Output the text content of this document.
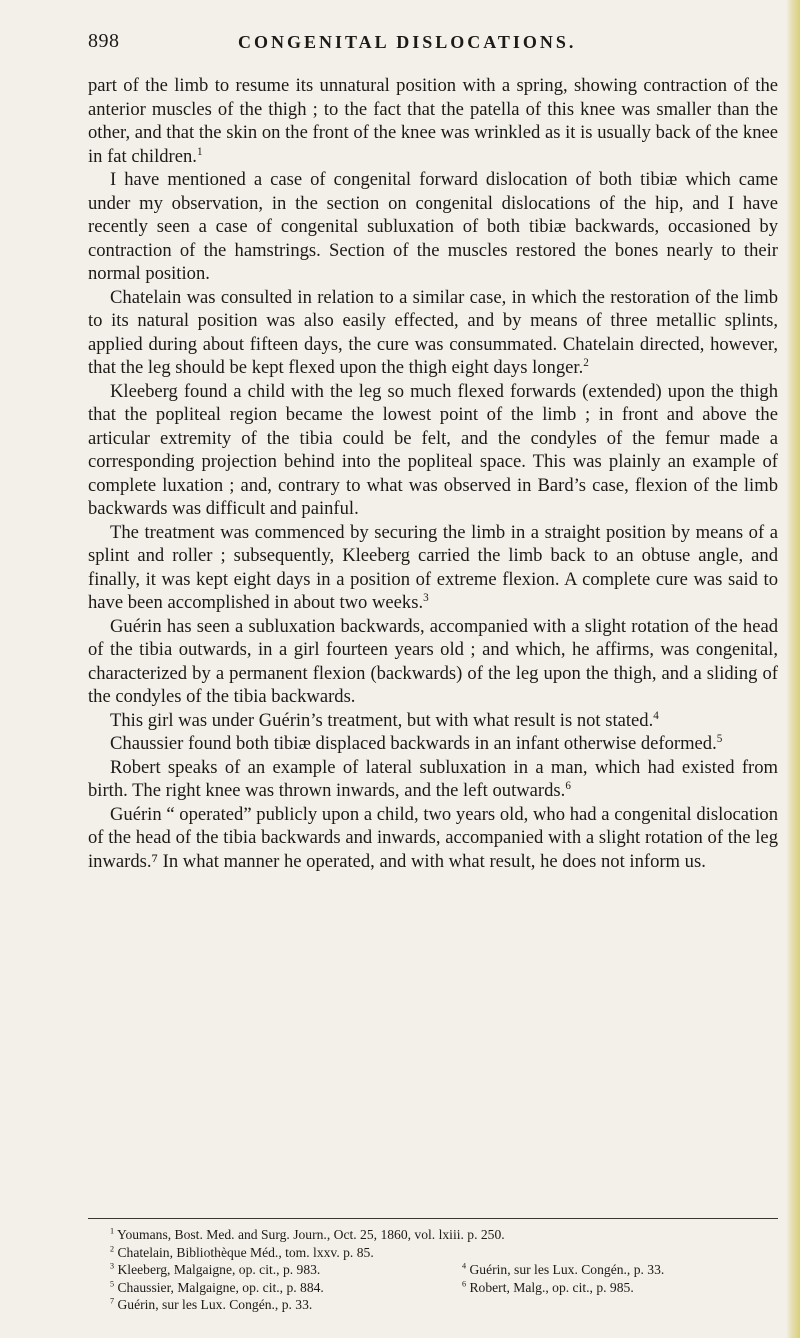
898	CONGENITAL DISLOCATIONS.

part of the limb to resume its unnatural position with a spring, showing contraction of the anterior muscles of the thigh ; to the fact that the patella of this knee was smaller than the other, and that the skin on the front of the knee was wrinkled as it is usually back of the knee in fat children.$^1$

I have mentioned a case of congenital forward dislocation of both tibiæ which came under my observation, in the section on congenital dislocations of the hip, and I have recently seen a case of congenital subluxation of both tibiæ backwards, occasioned by contraction of the hamstrings. Section of the muscles restored the bones nearly to their normal position.

Chatelain was consulted in relation to a similar case, in which the restoration of the limb to its natural position was also easily effected, and by means of three metallic splints, applied during about fifteen days, the cure was consummated. Chatelain directed, however, that the leg should be kept flexed upon the thigh eight days longer.$^2$

Kleeberg found a child with the leg so much flexed forwards (extended) upon the thigh that the popliteal region became the lowest point of the limb ; in front and above the articular extremity of the tibia could be felt, and the condyles of the femur made a corresponding projection behind into the popliteal space. This was plainly an example of complete luxation ; and, contrary to what was observed in Bard’s case, flexion of the limb backwards was difficult and painful.

The treatment was commenced by securing the limb in a straight position by means of a splint and roller ; subsequently, Kleeberg carried the limb back to an obtuse angle, and finally, it was kept eight days in a position of extreme flexion. A complete cure was said to have been accomplished in about two weeks.$^3$

Guérin has seen a subluxation backwards, accompanied with a slight rotation of the head of the tibia outwards, in a girl fourteen years old ; and which, he affirms, was congenital, characterized by a permanent flexion (backwards) of the leg upon the thigh, and a sliding of the condyles of the tibia backwards.

This girl was under Guérin’s treatment, but with what result is not stated.$^4$

Chaussier found both tibiæ displaced backwards in an infant otherwise deformed.$^5$

Robert speaks of an example of lateral subluxation in a man, which had existed from birth. The right knee was thrown inwards, and the left outwards.$^6$

Guérin “ operated” publicly upon a child, two years old, who had a congenital dislocation of the head of the tibia backwards and inwards, accompanied with a slight rotation of the leg inwards.⁷ In what manner he operated, and with what result, he does not inform us.

$^1$ Youmans, Bost. Med. and Surg. Journ., Oct. 25, 1860, vol. lxiii. p. 250.
$^2$ Chatelain, Bibliothèque Méd., tom. lxxv. p. 85.
$^3$ Kleeberg, Malgaigne, op. cit., p. 983.	$^4$ Guérin, sur les Lux. Congén., p. 33.
$^5$ Chaussier, Malgaigne, op. cit., p. 884.	$^6$ Robert, Malg., op. cit., p. 985.
$^7$ Guérin, sur les Lux. Congén., p. 33.
